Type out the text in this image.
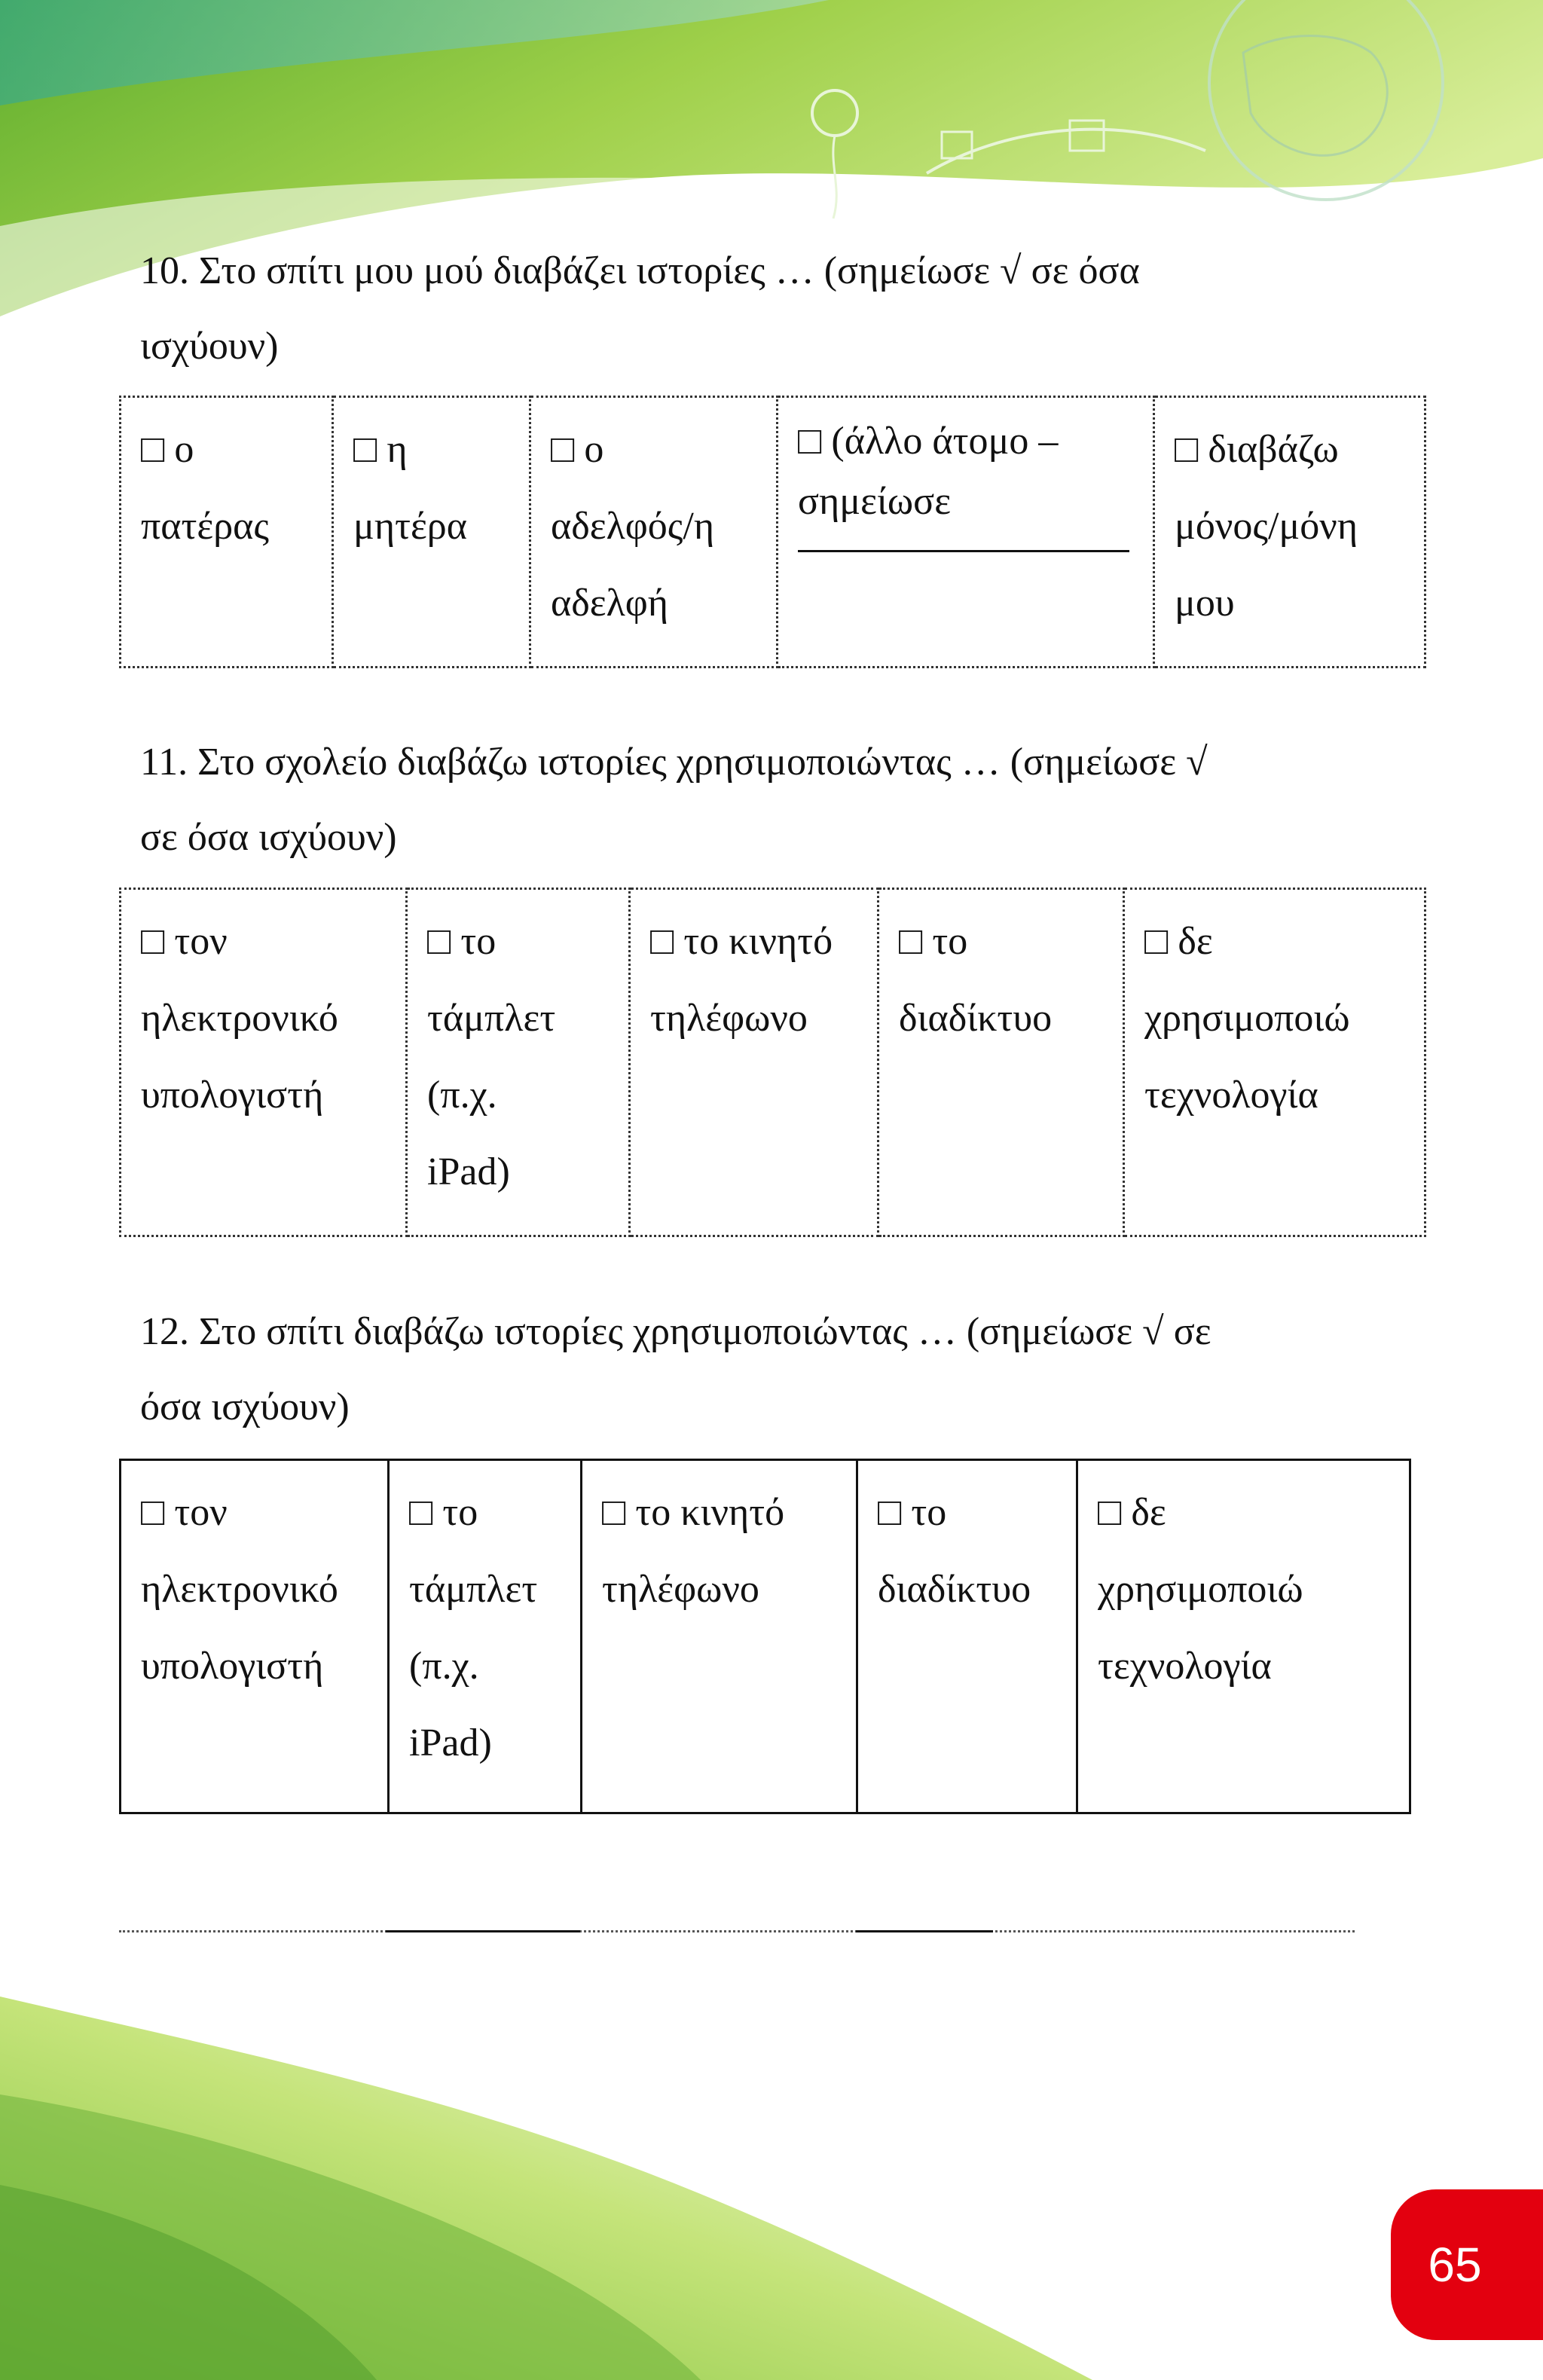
10. Στο σπίτι μου μού διαβάζει ιστορίες … (σημείωσε √ σε όσα
ισχύουν)

□ ο
πατέρας

□ η
μητέρα

□ ο
αδελφός/η
αδελφή

□ (άλλο άτομο –
σημείωσε

□ διαβάζω
μόνος/μόνη
μου

11. Στο σχολείο διαβάζω ιστορίες χρησιμοποιώντας … (σημείωσε √
σε όσα ισχύουν)

□ τον
ηλεκτρονικό
υπολογιστή

□ το
τάμπλετ
(π.χ.
iPad)

□ το κινητό
τηλέφωνο

□ το
διαδίκτυο

□ δε
χρησιμοποιώ
τεχνολογία

12. Στο σπίτι διαβάζω ιστορίες χρησιμοποιώντας … (σημείωσε √ σε
όσα ισχύουν)

□ τον
ηλεκτρονικό
υπολογιστή

□ το
τάμπλετ
(π.χ.
iPad)

□ το κινητό
τηλέφωνο

□ το
διαδίκτυο

□ δε
χρησιμοποιώ
τεχνολογία
65
